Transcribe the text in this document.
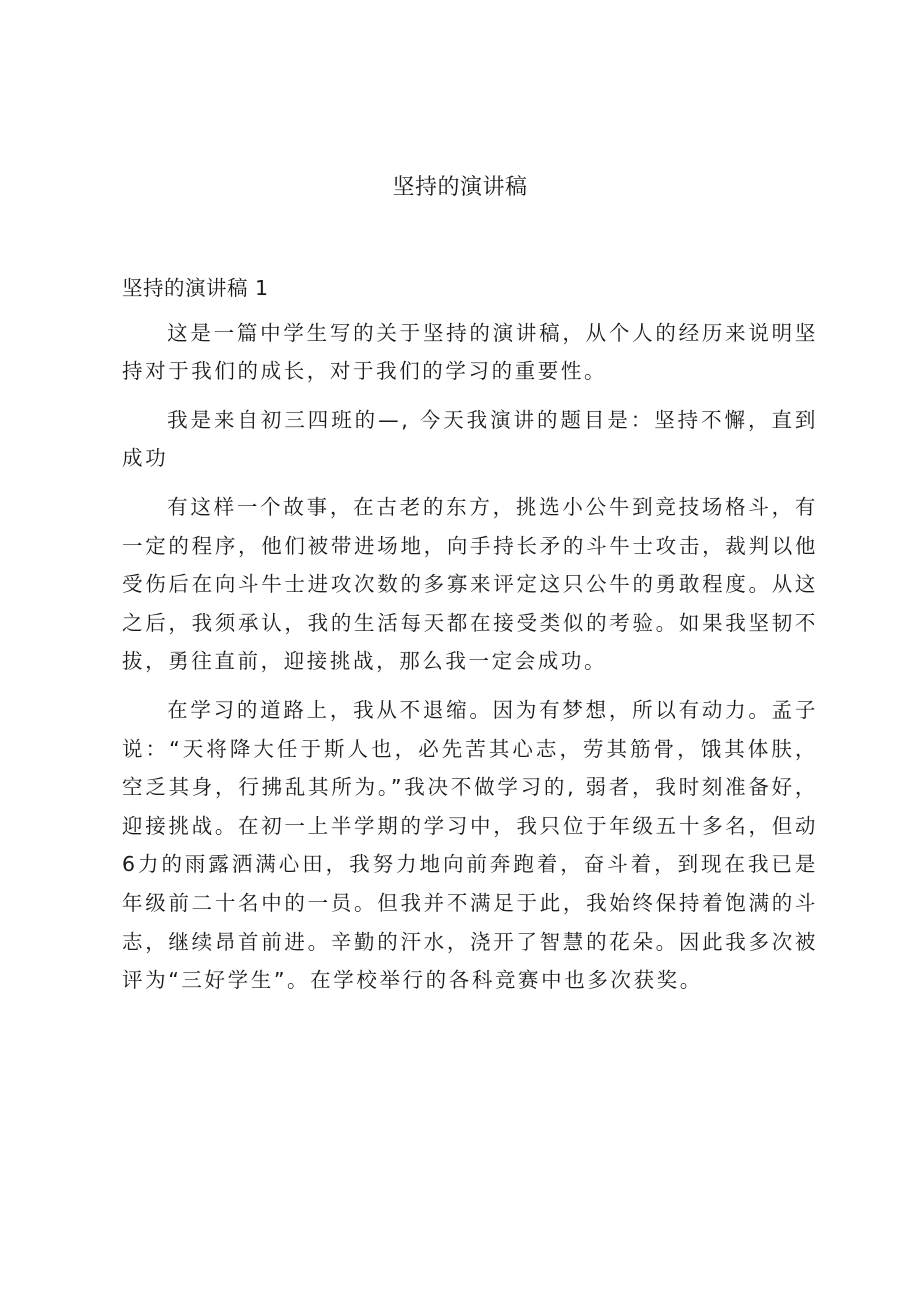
坚持的演讲稿

坚持的演讲稿 1

这是一篇中学生写的关于坚持的演讲稿，从个人的经历来说明坚持对于我们的成长，对于我们的学习的重要性。

我是来自初三四班的—, 今天我演讲的题目是：坚持不懈，直到成功

有这样一个故事，在古老的东方，挑选小公牛到竞技场格斗，有一定的程序，他们被带进场地，向手持长矛的斗牛士攻击，裁判以他受伤后在向斗牛士进攻次数的多寡来评定这只公牛的勇敢程度。从这之后，我须承认，我的生活每天都在接受类似的考验。如果我坚韧不拔，勇往直前，迎接挑战，那么我一定会成功。

在学习的道路上，我从不退缩。因为有梦想，所以有动力。孟子说：“天将降大任于斯人也，必先苦其心志，劳其筋骨，饿其体肤，空乏其身，行拂乱其所为。”我决不做学习的, 弱者，我时刻准备好，迎接挑战。在初一上半学期的学习中，我只位于年级五十多名，但动6力的雨露洒满心田，我努力地向前奔跑着，奋斗着，到现在我已是年级前二十名中的一员。但我并不满足于此，我始终保持着饱满的斗志，继续昂首前进。辛勤的汗水，浇开了智慧的花朵。因此我多次被评为“三好学生”。在学校举行的各科竞赛中也多次获奖。
